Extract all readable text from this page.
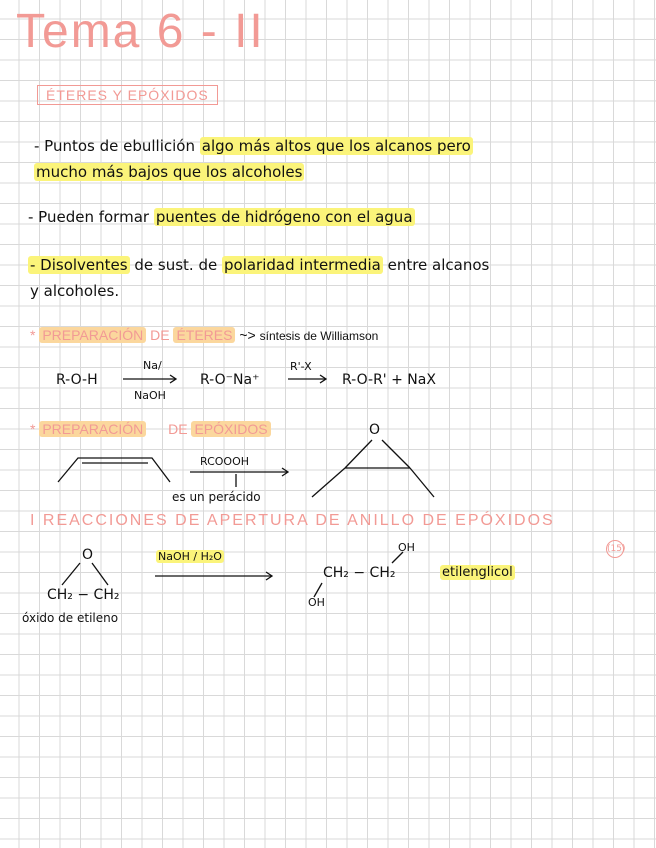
Tema 6 - II
ÉTERES Y EPÓXIDOS
- Puntos de ebullición algo más altos que los alcanos pero
mucho más bajos que los alcoholes
- Pueden formar puentes de hidrógeno con el agua
- Disolventes de sust. de polaridad intermedia entre alcanos
y alcoholes.
* PREPARACIÓN DE ÉTERES ~> síntesis de Williamson
R-O-H
Na/
NaOH
R-O⁻Na⁺
R'-X
R-O-R' + NaX
* PREPARACIÓN DE EPÓXIDOS
RCOOOH
es un perácido
O
I REACCIONES DE APERTURA DE ANILLO DE EPÓXIDOS
(15)
O
CH₂ − CH₂
óxido de etileno
NaOH / H₂O
OH
CH₂ − CH₂
OH
etilenglicol
